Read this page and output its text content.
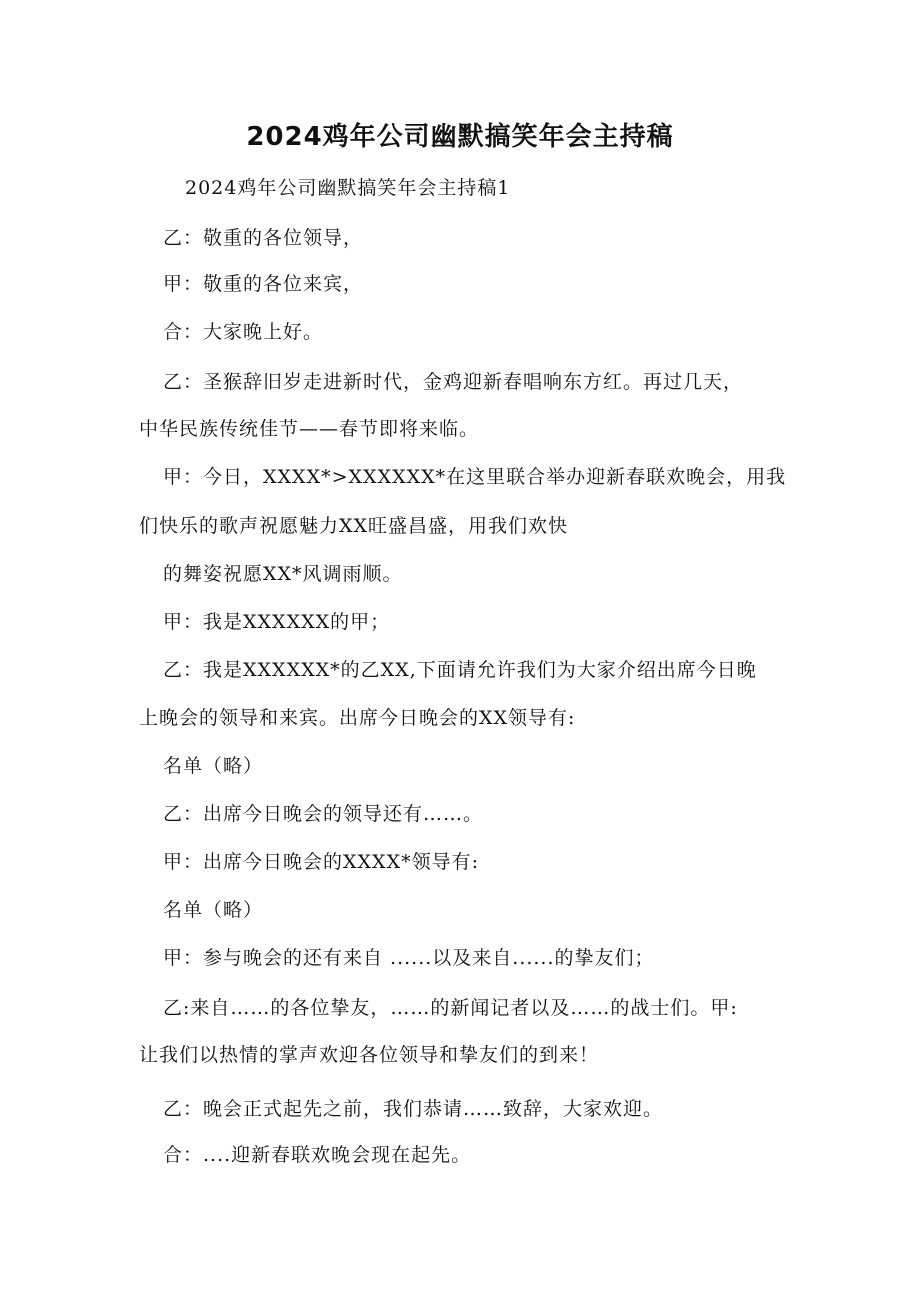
2024鸡年公司幽默搞笑年会主持稿
2024鸡年公司幽默搞笑年会主持稿1
乙：敬重的各位领导，
甲：敬重的各位来宾，
合：大家晚上好。
乙：圣猴辞旧岁走进新时代，金鸡迎新春唱响东方红。再过几天，
中华民族传统佳节——春节即将来临。
甲：今日，XXXX*>XXXXXX*在这里联合举办迎新春联欢晚会，用我
们快乐的歌声祝愿魅力XX旺盛昌盛，用我们欢快
的舞姿祝愿XX*风调雨顺。
甲：我是XXXXXX的甲；
乙：我是XXXXXX*的乙XX,下面请允许我们为大家介绍出席今日晚
上晚会的领导和来宾。出席今日晚会的XX领导有:
名单（略）
乙：出席今日晚会的领导还有……。
甲：出席今日晚会的XXXX*领导有:
名单（略）
甲：参与晚会的还有来自 ......以及来自......的挚友们；
乙:来自……的各位挚友，……的新闻记者以及……的战士们。甲:
让我们以热情的掌声欢迎各位领导和挚友们的到来！
乙：晚会正式起先之前，我们恭请……致辞，大家欢迎。
合：....迎新春联欢晚会现在起先。
